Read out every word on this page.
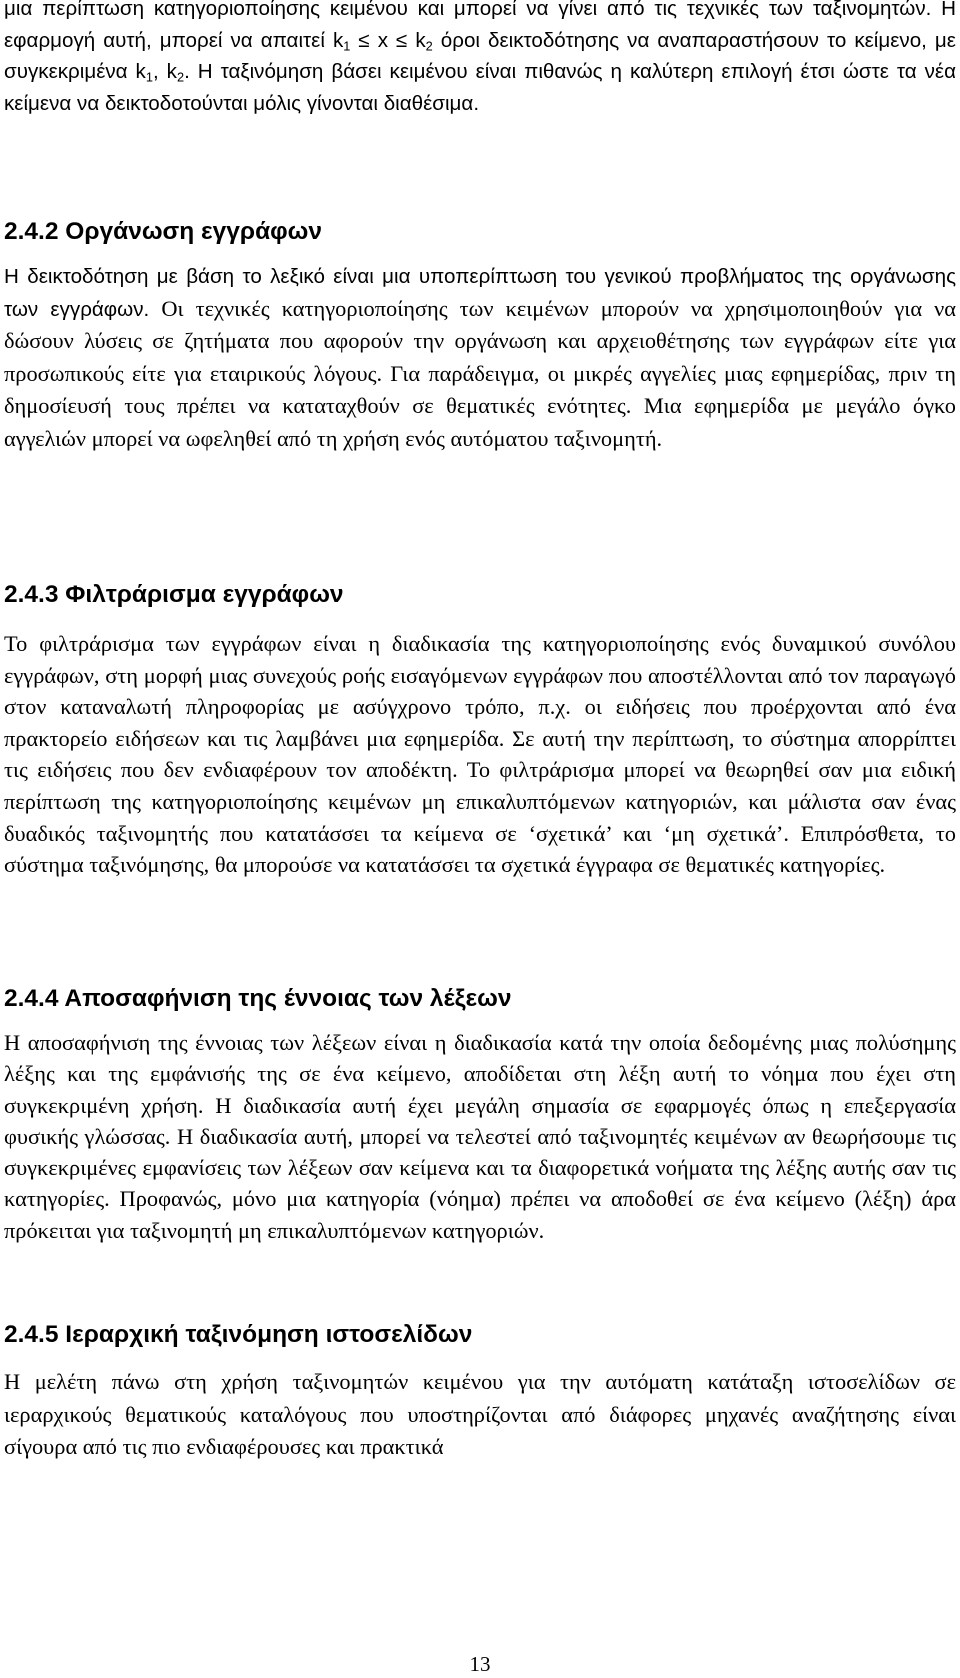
μια περίπτωση κατηγοριοποίησης κειμένου και μπορεί να γίνει από τις τεχνικές των ταξινομητών. Η εφαρμογή αυτή, μπορεί να απαιτεί $k_1 \le x \le k_2$ όροι δεικτοδότησης να αναπαραστήσουν το κείμενο, με συγκεκριμένα $k_1$, $k_2$. Η ταξινόμηση βάσει κειμένου είναι πιθανώς η καλύτερη επιλογή έτσι ώστε τα νέα κείμενα να δεικτοδοτούνται μόλις γίνονται διαθέσιμα.

2.4.2 Οργάνωση εγγράφων

Η δεικτοδότηση με βάση το λεξικό είναι μια υποπερίπτωση του γενικού προβλήματος της οργάνωσης των εγγράφων. Οι τεχνικές κατηγοριοποίησης των κειμένων μπορούν να χρησιμοποιηθούν για να δώσουν λύσεις σε ζητήματα που αφορούν την οργάνωση και αρχειοθέτησης των εγγράφων είτε για προσωπικούς είτε για εταιρικούς λόγους. Για παράδειγμα, οι μικρές αγγελίες μιας εφημερίδας, πριν τη δημοσίευσή τους πρέπει να καταταχθούν σε θεματικές ενότητες. Μια εφημερίδα με μεγάλο όγκο αγγελιών μπορεί να ωφεληθεί από τη χρήση ενός αυτόματου ταξινομητή.

2.4.3 Φιλτράρισμα εγγράφων

Το φιλτράρισμα των εγγράφων είναι η διαδικασία της κατηγοριοποίησης ενός δυναμικού συνόλου εγγράφων, στη μορφή μιας συνεχούς ροής εισαγόμενων εγγράφων που αποστέλλονται από τον παραγωγό στον καταναλωτή πληροφορίας με ασύγχρονο τρόπο, π.χ. οι ειδήσεις που προέρχονται από ένα πρακτορείο ειδήσεων και τις λαμβάνει μια εφημερίδα. Σε αυτή την περίπτωση, το σύστημα απορρίπτει τις ειδήσεις που δεν ενδιαφέρουν τον αποδέκτη. Το φιλτράρισμα μπορεί να θεωρηθεί σαν μια ειδική περίπτωση της κατηγοριοποίησης κειμένων μη επικαλυπτόμενων κατηγοριών, και μάλιστα σαν ένας δυαδικός ταξινομητής που κατατάσσει τα κείμενα σε ‘σχετικά’ και ‘μη σχετικά’. Επιπρόσθετα, το σύστημα ταξινόμησης, θα μπορούσε να κατατάσσει τα σχετικά έγγραφα σε θεματικές κατηγορίες.

2.4.4 Αποσαφήνιση της έννοιας των λέξεων

Η αποσαφήνιση της έννοιας των λέξεων είναι η διαδικασία κατά την οποία δεδομένης μιας πολύσημης λέξης και της εμφάνισής της σε ένα κείμενο, αποδίδεται στη λέξη αυτή το νόημα που έχει στη συγκεκριμένη χρήση. Η διαδικασία αυτή έχει μεγάλη σημασία σε εφαρμογές όπως η επεξεργασία φυσικής γλώσσας. Η διαδικασία αυτή, μπορεί να τελεστεί από ταξινομητές κειμένων αν θεωρήσουμε τις συγκεκριμένες εμφανίσεις των λέξεων σαν κείμενα και τα διαφορετικά νοήματα της λέξης αυτής σαν τις κατηγορίες. Προφανώς, μόνο μια κατηγορία (νόημα) πρέπει να αποδοθεί σε ένα κείμενο (λέξη) άρα πρόκειται για ταξινομητή μη επικαλυπτόμενων κατηγοριών.

2.4.5 Ιεραρχική ταξινόμηση ιστοσελίδων

Η μελέτη πάνω στη χρήση ταξινομητών κειμένου για την αυτόματη κατάταξη ιστοσελίδων σε ιεραρχικούς θεματικούς καταλόγους που υποστηρίζονται από διάφορες μηχανές αναζήτησης είναι σίγουρα από τις πιο ενδιαφέρουσες και πρακτικά

13
